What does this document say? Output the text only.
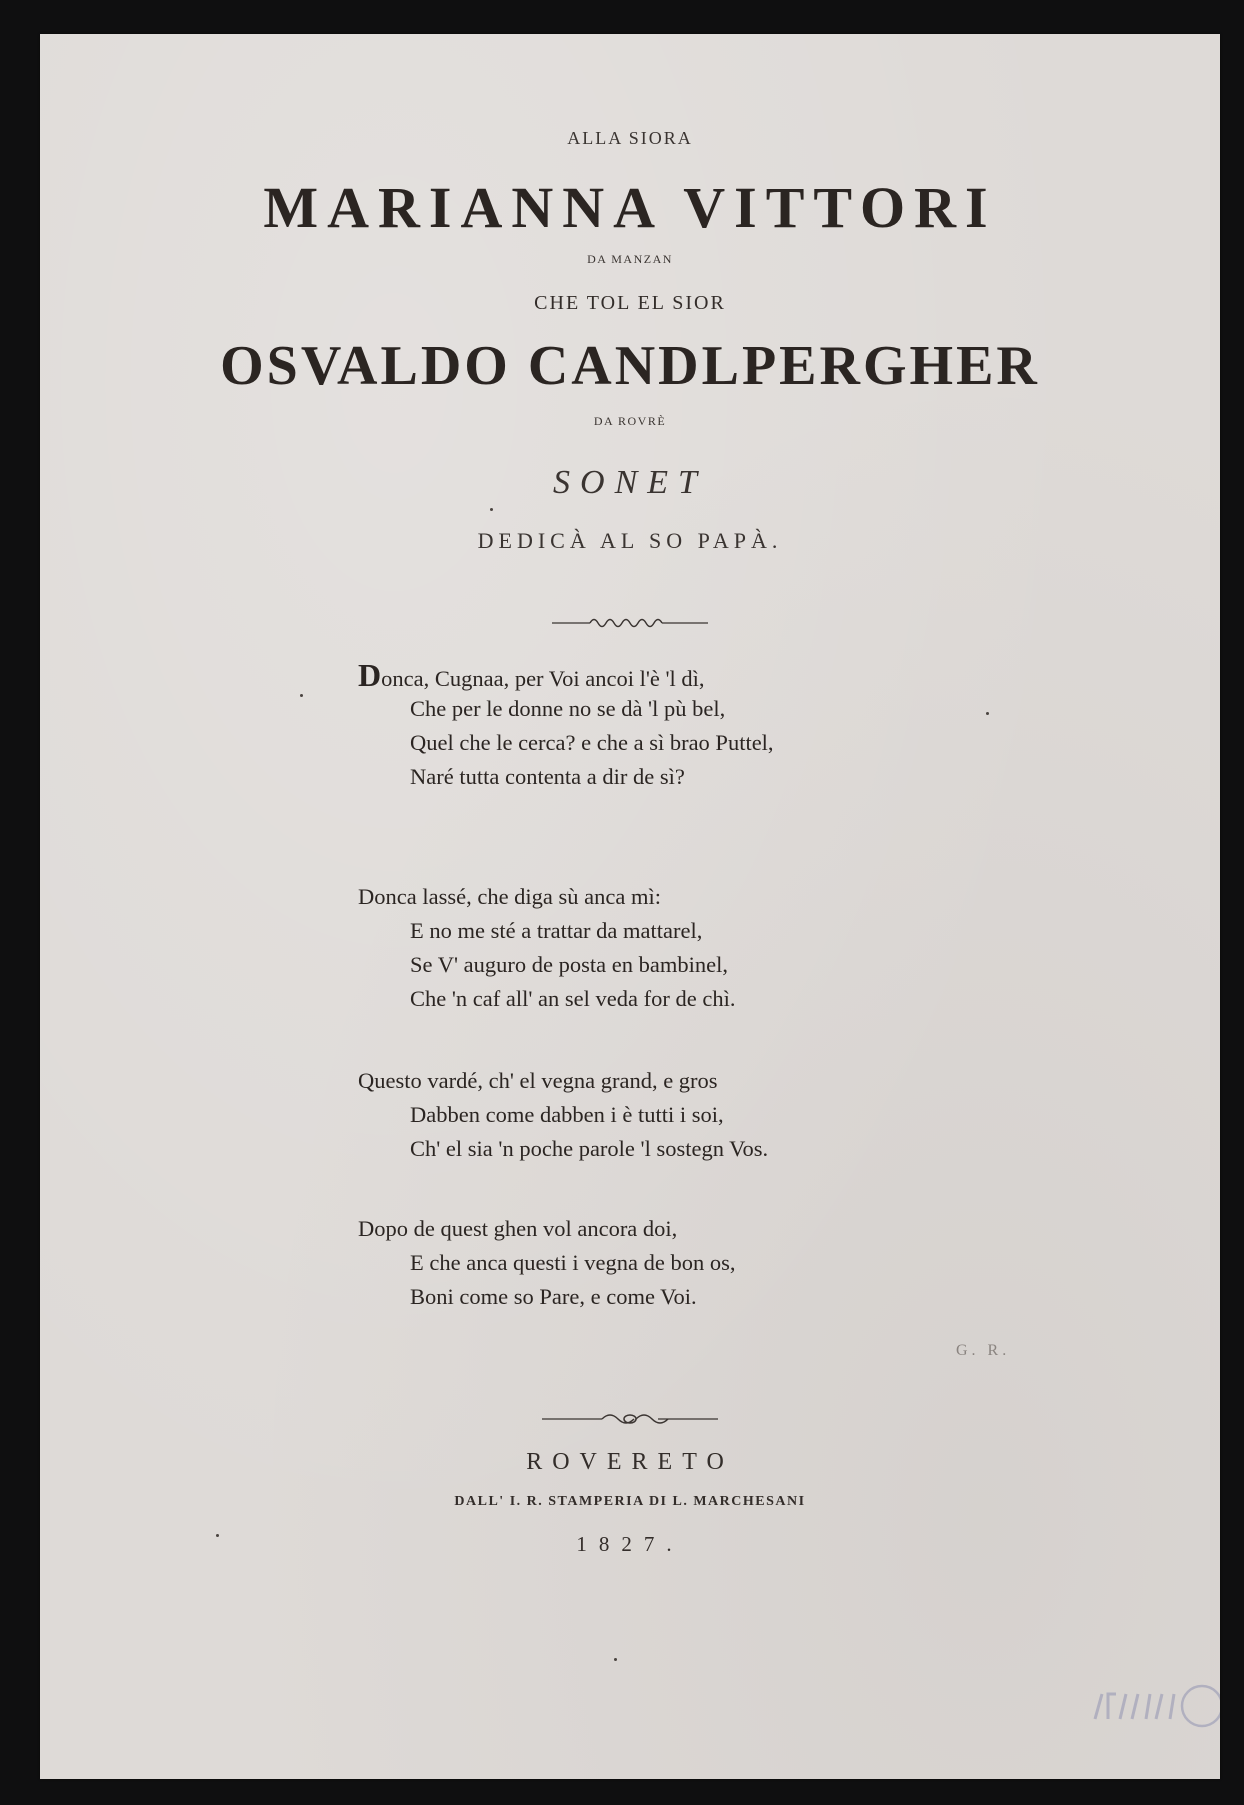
ALLA SIORA
MARIANNA VITTORI
DA MANZAN
CHE TOL EL SIOR
OSVALDO CANDLPERGHER
DA ROVRÈ
SONET
DEDICÀ AL SO PAPÀ.
Donca, Cugnaa, per Voi ancoi l'è 'l dì,
Che per le donne no se dà 'l pù bel,
Quel che le cerca? e che a sì brao Puttel,
Naré tutta contenta a dir de sì?
Donca lassé, che diga sù anca mì:
E no me sté a trattar da mattarel,
Se V' auguro de posta en bambinel,
Che 'n caf all' an sel veda for de chì.
Questo vardé, ch' el vegna grand, e gros
Dabben come dabben i è tutti i soi,
Ch' el sia 'n poche parole 'l sostegn Vos.
Dopo de quest ghen vol ancora doi,
E che anca questi i vegna de bon os,
Boni come so Pare, e come Voi.
G. R.
ROVERETO
DALL' I. R. STAMPERIA DI L. MARCHESANI
1827.
